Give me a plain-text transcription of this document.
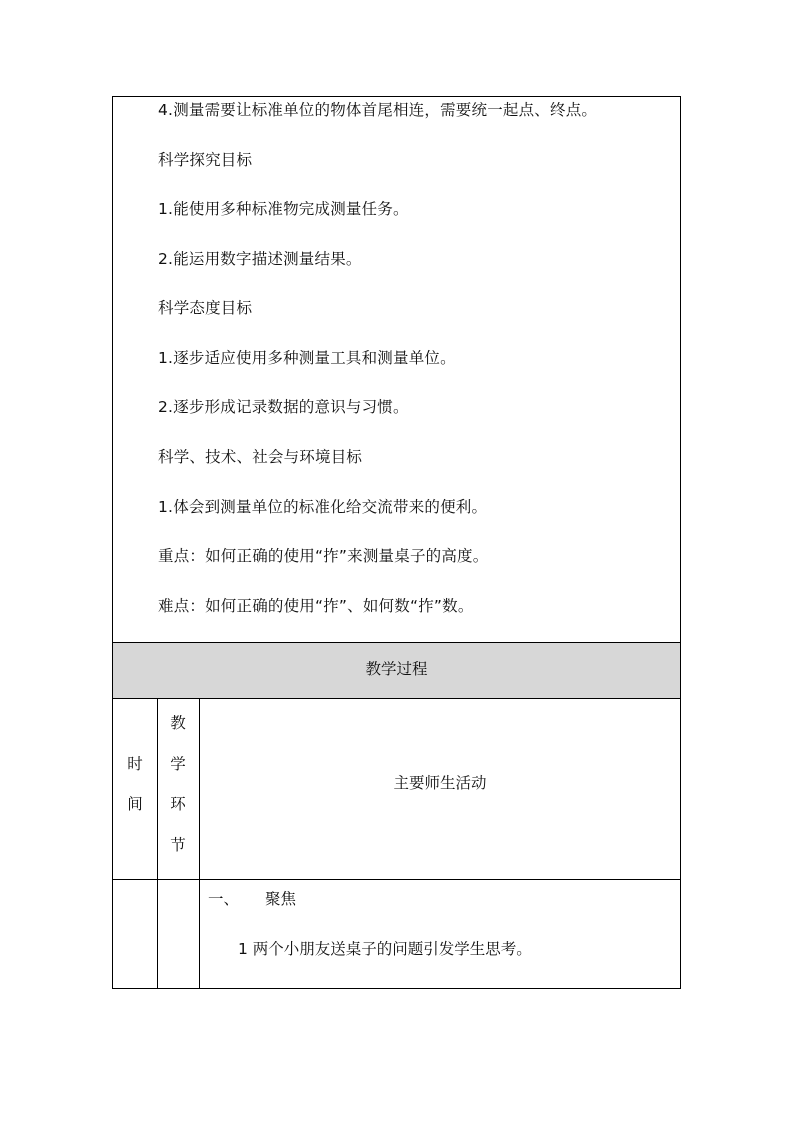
4.测量需要让标准单位的物体首尾相连，需要统一起点、终点。
科学探究目标
1.能使用多种标准物完成测量任务。
2.能运用数字描述测量结果。
科学态度目标
1.逐步适应使用多种测量工具和测量单位。
2.逐步形成记录数据的意识与习惯。
科学、技术、社会与环境目标
1.体会到测量单位的标准化给交流带来的便利。
重点：如何正确的使用“拃”来测量桌子的高度。
难点：如何正确的使用“拃”、如何数“拃”数。
教学过程
时
间
教
学
环
节
主要师生活动
一、 聚焦
1 两个小朋友送桌子的问题引发学生思考。
